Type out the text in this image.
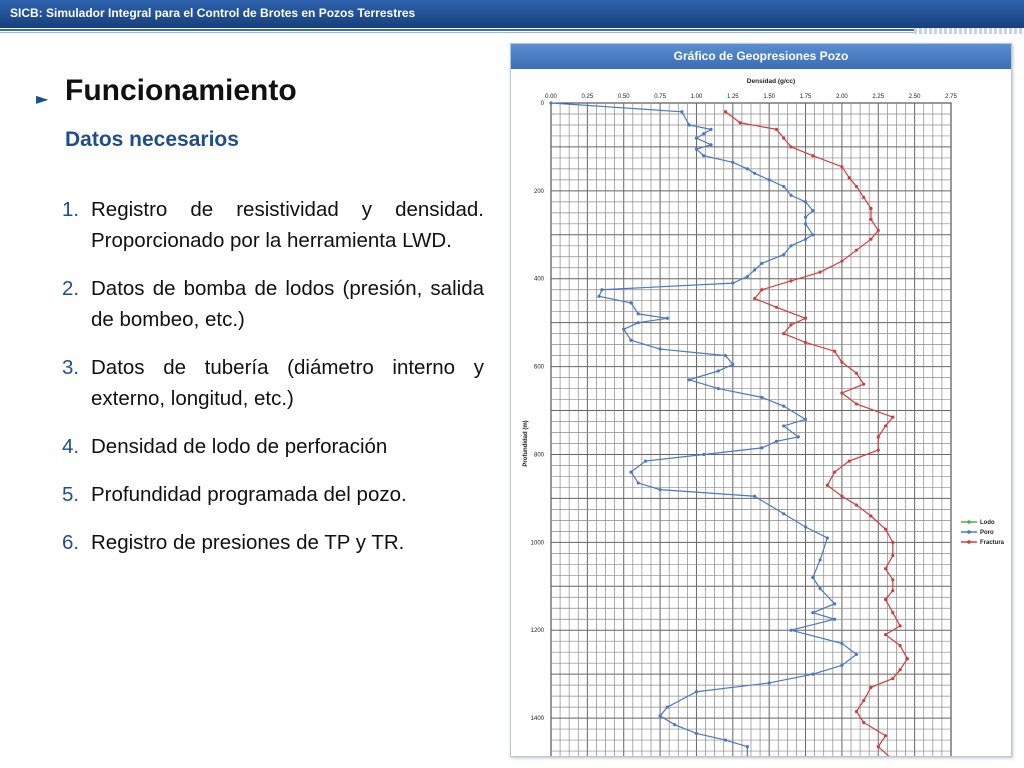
SICB: Simulador Integral para el Control de Brotes en Pozos Terrestres
► Funcionamiento
Datos necesarios
1. Registro de resistividad y densidad. Proporcionado por la herramienta LWD.
2. Datos de bomba de lodos (presión, salida de bombeo, etc.)
3. Datos de tubería (diámetro interno y externo, longitud, etc.)
4. Densidad de lodo de perforación
5. Profundidad programada del pozo.
6. Registro de presiones de TP y TR.
Gráfico de Geopresiones Pozo
Densidad (g/cc)
0.00	0.25	0.50	0.75	1.00	1.25	1.50	1.75	2.00	2.25	2.50	2.75
0
200
400
600
800
1000
1200
1400
Profundidad (m)
Lodo
Poro
Fractura
